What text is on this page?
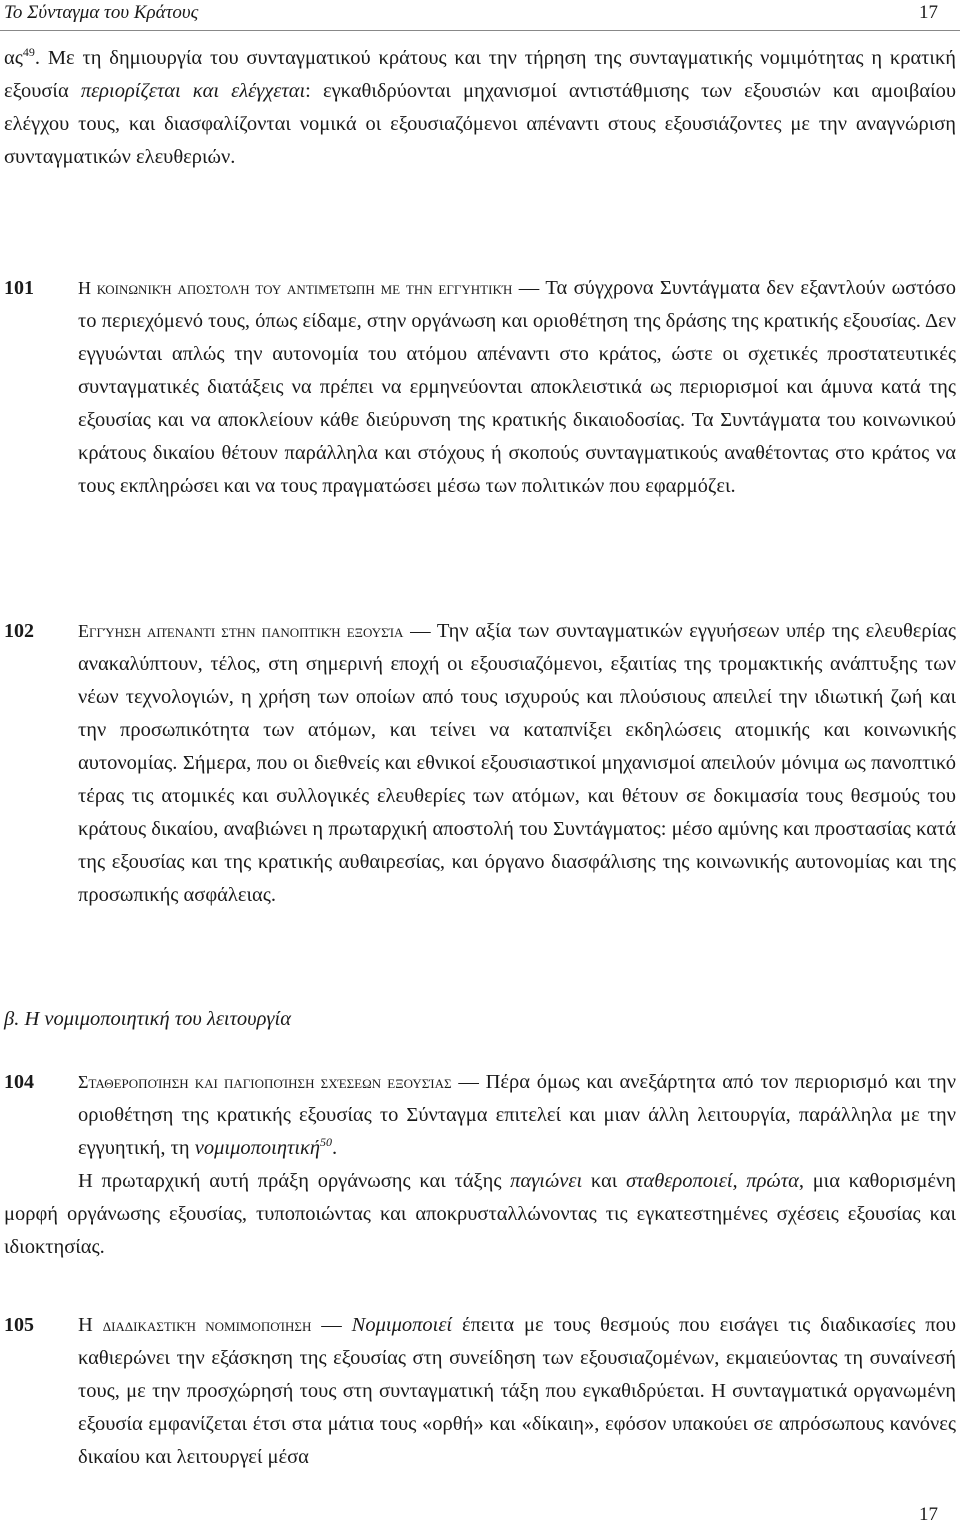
Το Σύνταγμα του Κράτους	17

ας$^{49}$. Με τη δημιουργία του συνταγματικού κράτους και την τήρηση της συνταγματικής νομιμότητας η κρατική εξουσία περιορίζεται και ελέγχεται: εγκαθιδρύονται μηχανισμοί αντιστάθμισης των εξουσιών και αμοιβαίου ελέγχου τους, και διασφαλίζονται νομικά οι εξουσιαζόμενοι απέναντι στους εξουσιάζοντες με την αναγνώριση συνταγματικών ελευθεριών.

101	Η κοινωνική αποστολή του αντιμέτωπη με την εγγυητική — Τα σύγχρονα Συντάγματα δεν εξαντλούν ωστόσο το περιεχόμενό τους, όπως είδαμε, στην οργάνωση και οριοθέτηση της δράσης της κρατικής εξουσίας. Δεν εγγυώνται απλώς την αυτονομία του ατόμου απέναντι στο κράτος, ώστε οι σχετικές προστατευτικές συνταγματικές διατάξεις να πρέπει να ερμηνεύονται αποκλειστικά ως περιορισμοί και άμυνα κατά της εξουσίας και να αποκλείουν κάθε διεύρυνση της κρατικής δικαιοδοσίας. Τα Συντάγματα του κοινωνικού κράτους δικαίου θέτουν παράλληλα και στόχους ή σκοπούς συνταγματικούς αναθέτοντας στο κράτος να τους εκπληρώσει και να τους πραγματώσει μέσω των πολιτικών που εφαρμόζει.

102	Εγγύηση απέναντι στην πανοπτική εξουσία — Την αξία των συνταγματικών εγγυήσεων υπέρ της ελευθερίας ανακαλύπτουν, τέλος, στη σημερινή εποχή οι εξουσιαζόμενοι, εξαιτίας της τρομακτικής ανάπτυξης των νέων τεχνολογιών, η χρήση των οποίων από τους ισχυρούς και πλούσιους απειλεί την ιδιωτική ζωή και την προσωπικότητα των ατόμων, και τείνει να καταπνίξει εκδηλώσεις ατομικής και κοινωνικής αυτονομίας. Σήμερα, που οι διεθνείς και εθνικοί εξουσιαστικοί μηχανισμοί απειλούν μόνιμα ως πανοπτικό τέρας τις ατομικές και συλλογικές ελευθερίες των ατόμων, και θέτουν σε δοκιμασία τους θεσμούς του κράτους δικαίου, αναβιώνει η πρωταρχική αποστολή του Συντάγματος: μέσο αμύνης και προστασίας κατά της εξουσίας και της κρατικής αυθαιρεσίας, και όργανο διασφάλισης της κοινωνικής αυτονομίας και της προσωπικής ασφάλειας.

β. Η νομιμοποιητική του λειτουργία
104	Σταθεροποίηση και παγιοποίηση σχέσεων εξουσίας — Πέρα όμως και ανεξάρτητα από τον περιορισμό και την οριοθέτηση της κρατικής εξουσίας το Σύνταγμα επιτελεί και μιαν άλλη λειτουργία, παράλληλα με την εγγυητική, τη νομιμοποιητική$^{50}$.

Η πρωταρχική αυτή πράξη οργάνωσης και τάξης παγιώνει και σταθεροποιεί, πρώτα, μια καθορισμένη μορφή οργάνωσης εξουσίας, τυποποιώντας και αποκρυσταλλώνοντας τις εγκατεστημένες σχέσεις εξουσίας και ιδιοκτησίας.

105	Η διαδικαστική νομιμοποίηση — Νομιμοποιεί έπειτα με τους θεσμούς που εισάγει τις διαδικασίες που καθιερώνει την εξάσκηση της εξουσίας στη συνείδηση των εξουσιαζομένων, εκμαιεύοντας τη συναίνεσή τους, με την προσχώρησή τους στη συνταγματική τάξη που εγκαθιδρύεται. Η συνταγματικά οργανωμένη εξουσία εμφανίζεται έτσι στα μάτια τους «ορθή» και «δίκαιη», εφόσον υπακούει σε απρόσωπους κανόνες δικαίου και λειτουργεί μέσα

17
